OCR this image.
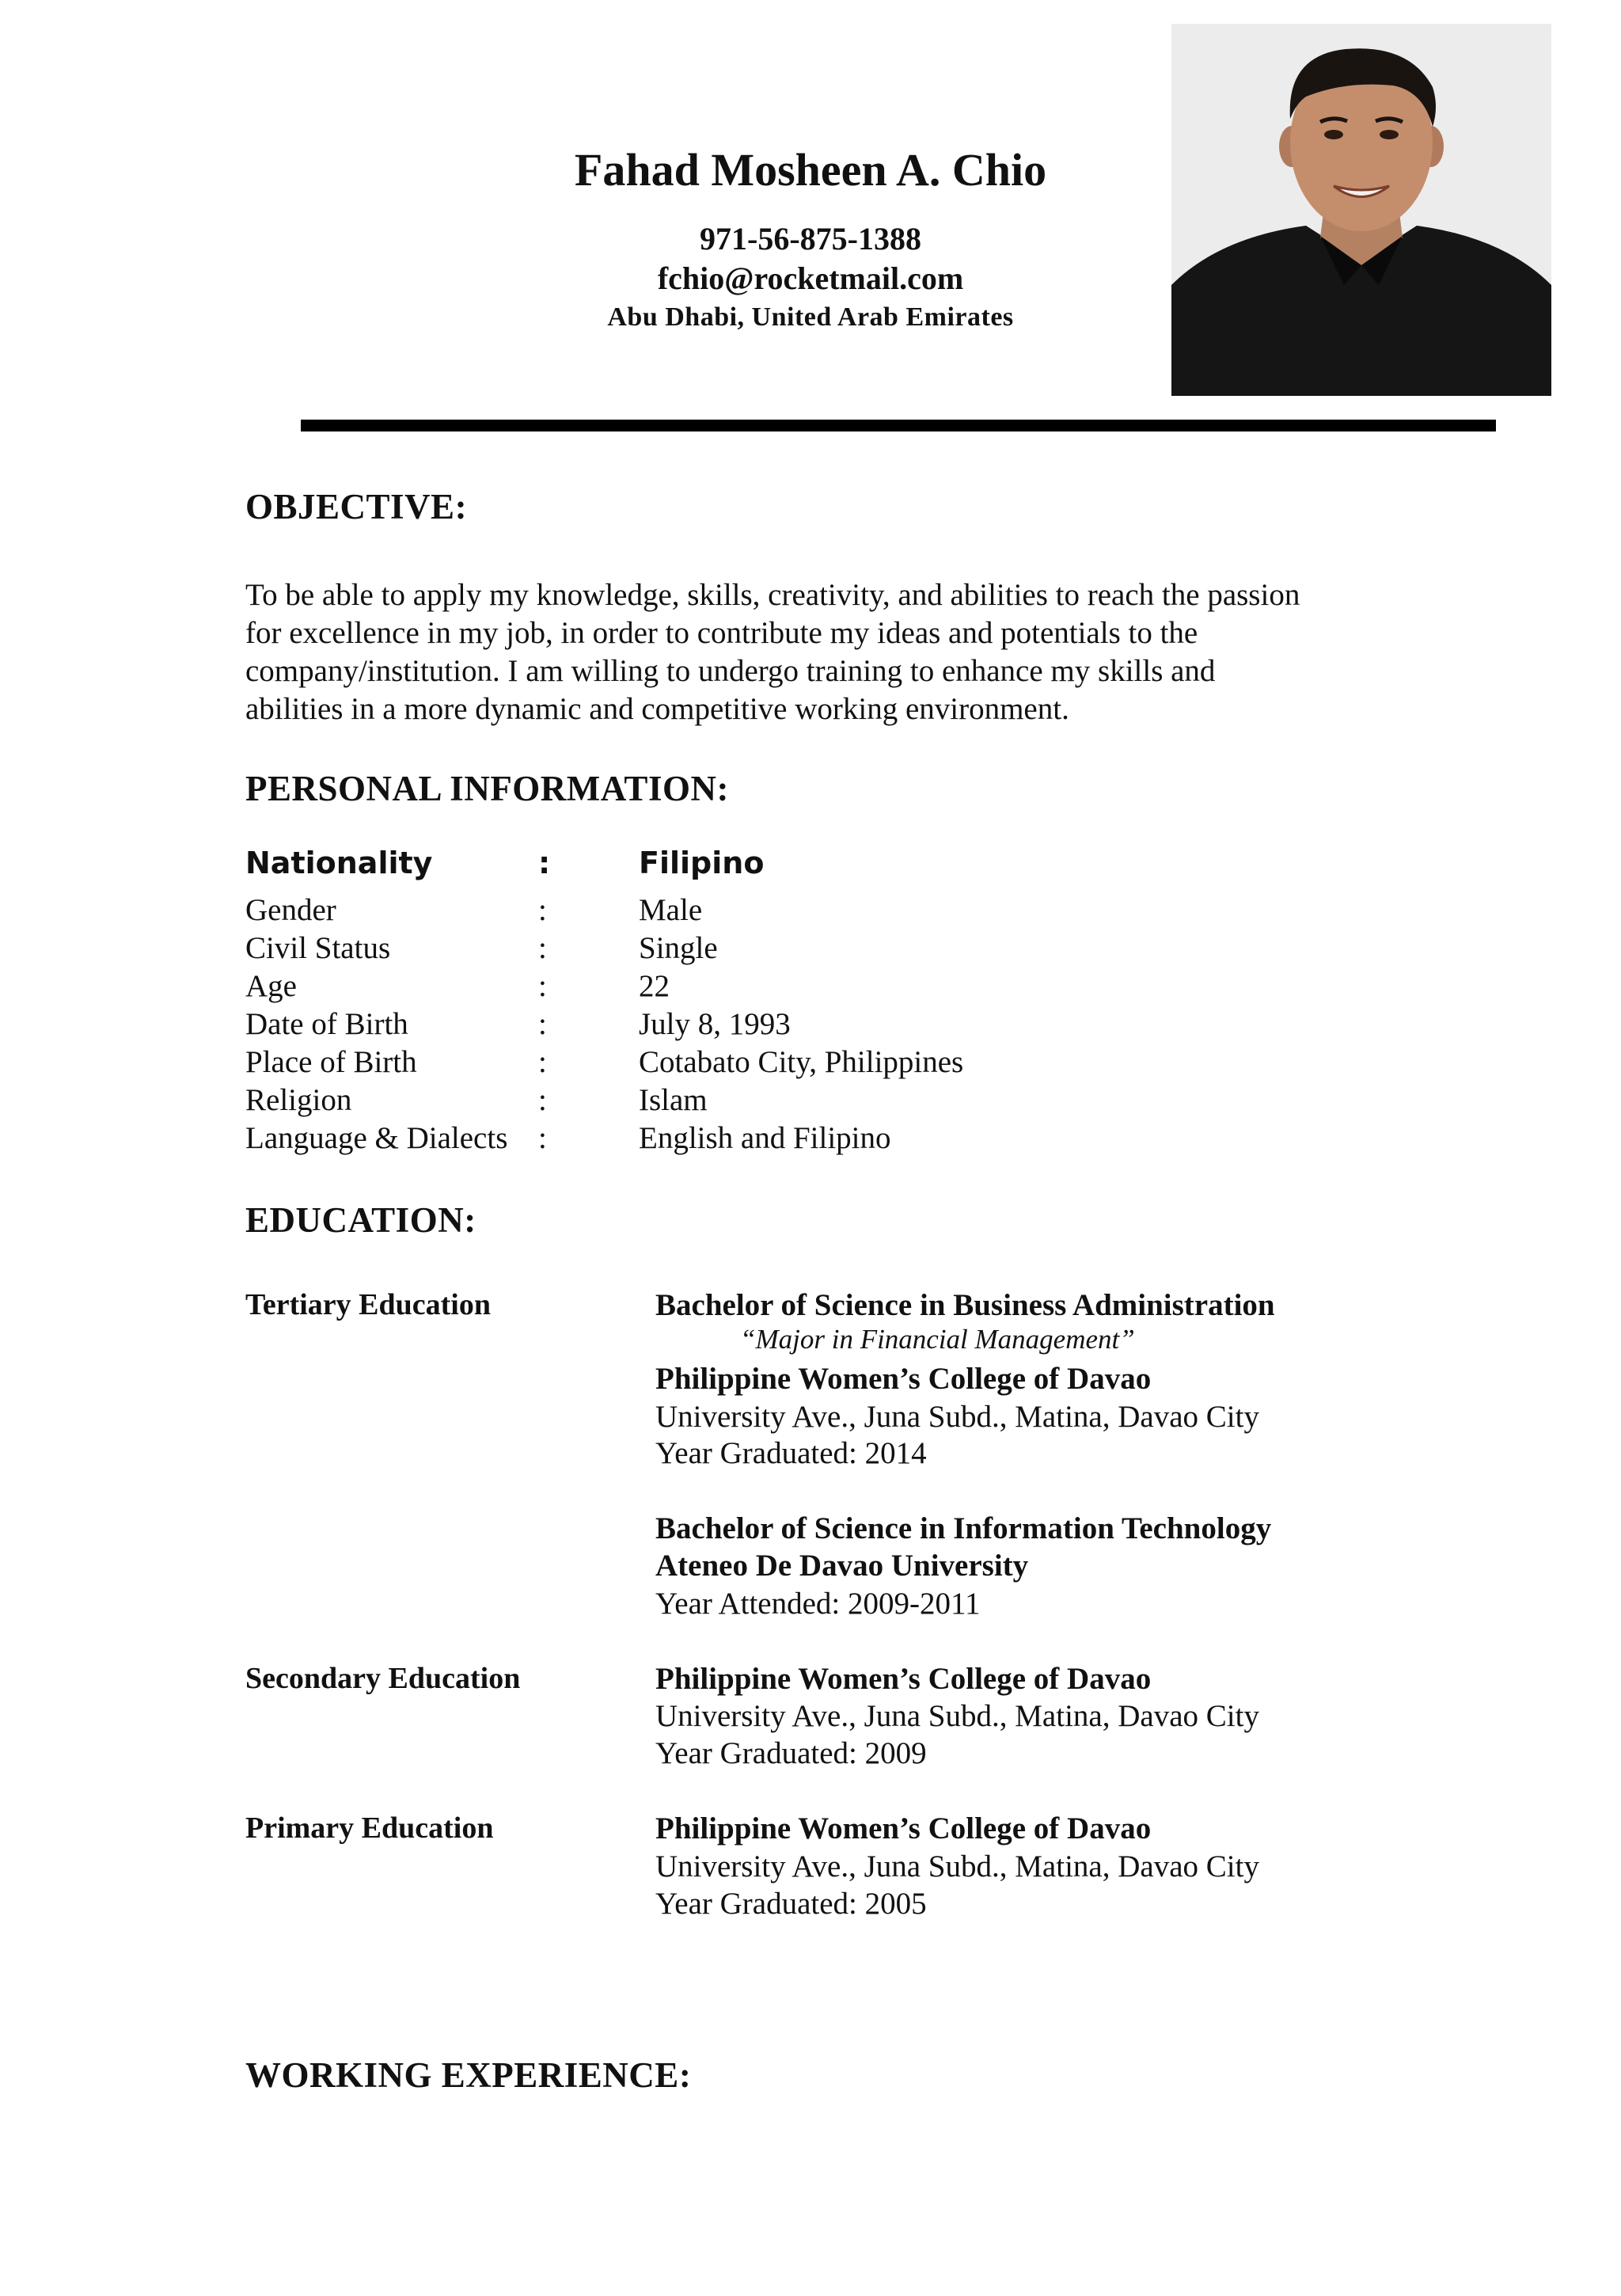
Fahad Mosheen A. Chio
971-56-875-1388
fchio@rocketmail.com
Abu Dhabi, United Arab Emirates
OBJECTIVE:
To be able to apply my knowledge, skills, creativity, and abilities to reach the passion
for excellence in my job, in order to contribute my ideas and potentials to the
company/institution. I am willing to undergo training to enhance my skills and
abilities in a more dynamic and competitive working environment.
PERSONAL INFORMATION:
Nationality	:	Filipino
Gender	:	Male
Civil Status	:	Single
Age	:	22
Date of Birth	:	July 8, 1993
Place of Birth	:	Cotabato City, Philippines
Religion	:	Islam
Language & Dialects :	English and Filipino
EDUCATION:
Tertiary Education	Bachelor of Science in Business Administration
“Major in Financial Management”
Philippine Women’s College of Davao
University Ave., Juna Subd., Matina, Davao City
Year Graduated: 2014
Bachelor of Science in Information Technology
Ateneo De Davao University
Year Attended: 2009-2011
Secondary Education	Philippine Women’s College of Davao
University Ave., Juna Subd., Matina, Davao City
Year Graduated: 2009
Primary Education	Philippine Women’s College of Davao
University Ave., Juna Subd., Matina, Davao City
Year Graduated: 2005
WORKING EXPERIENCE:
